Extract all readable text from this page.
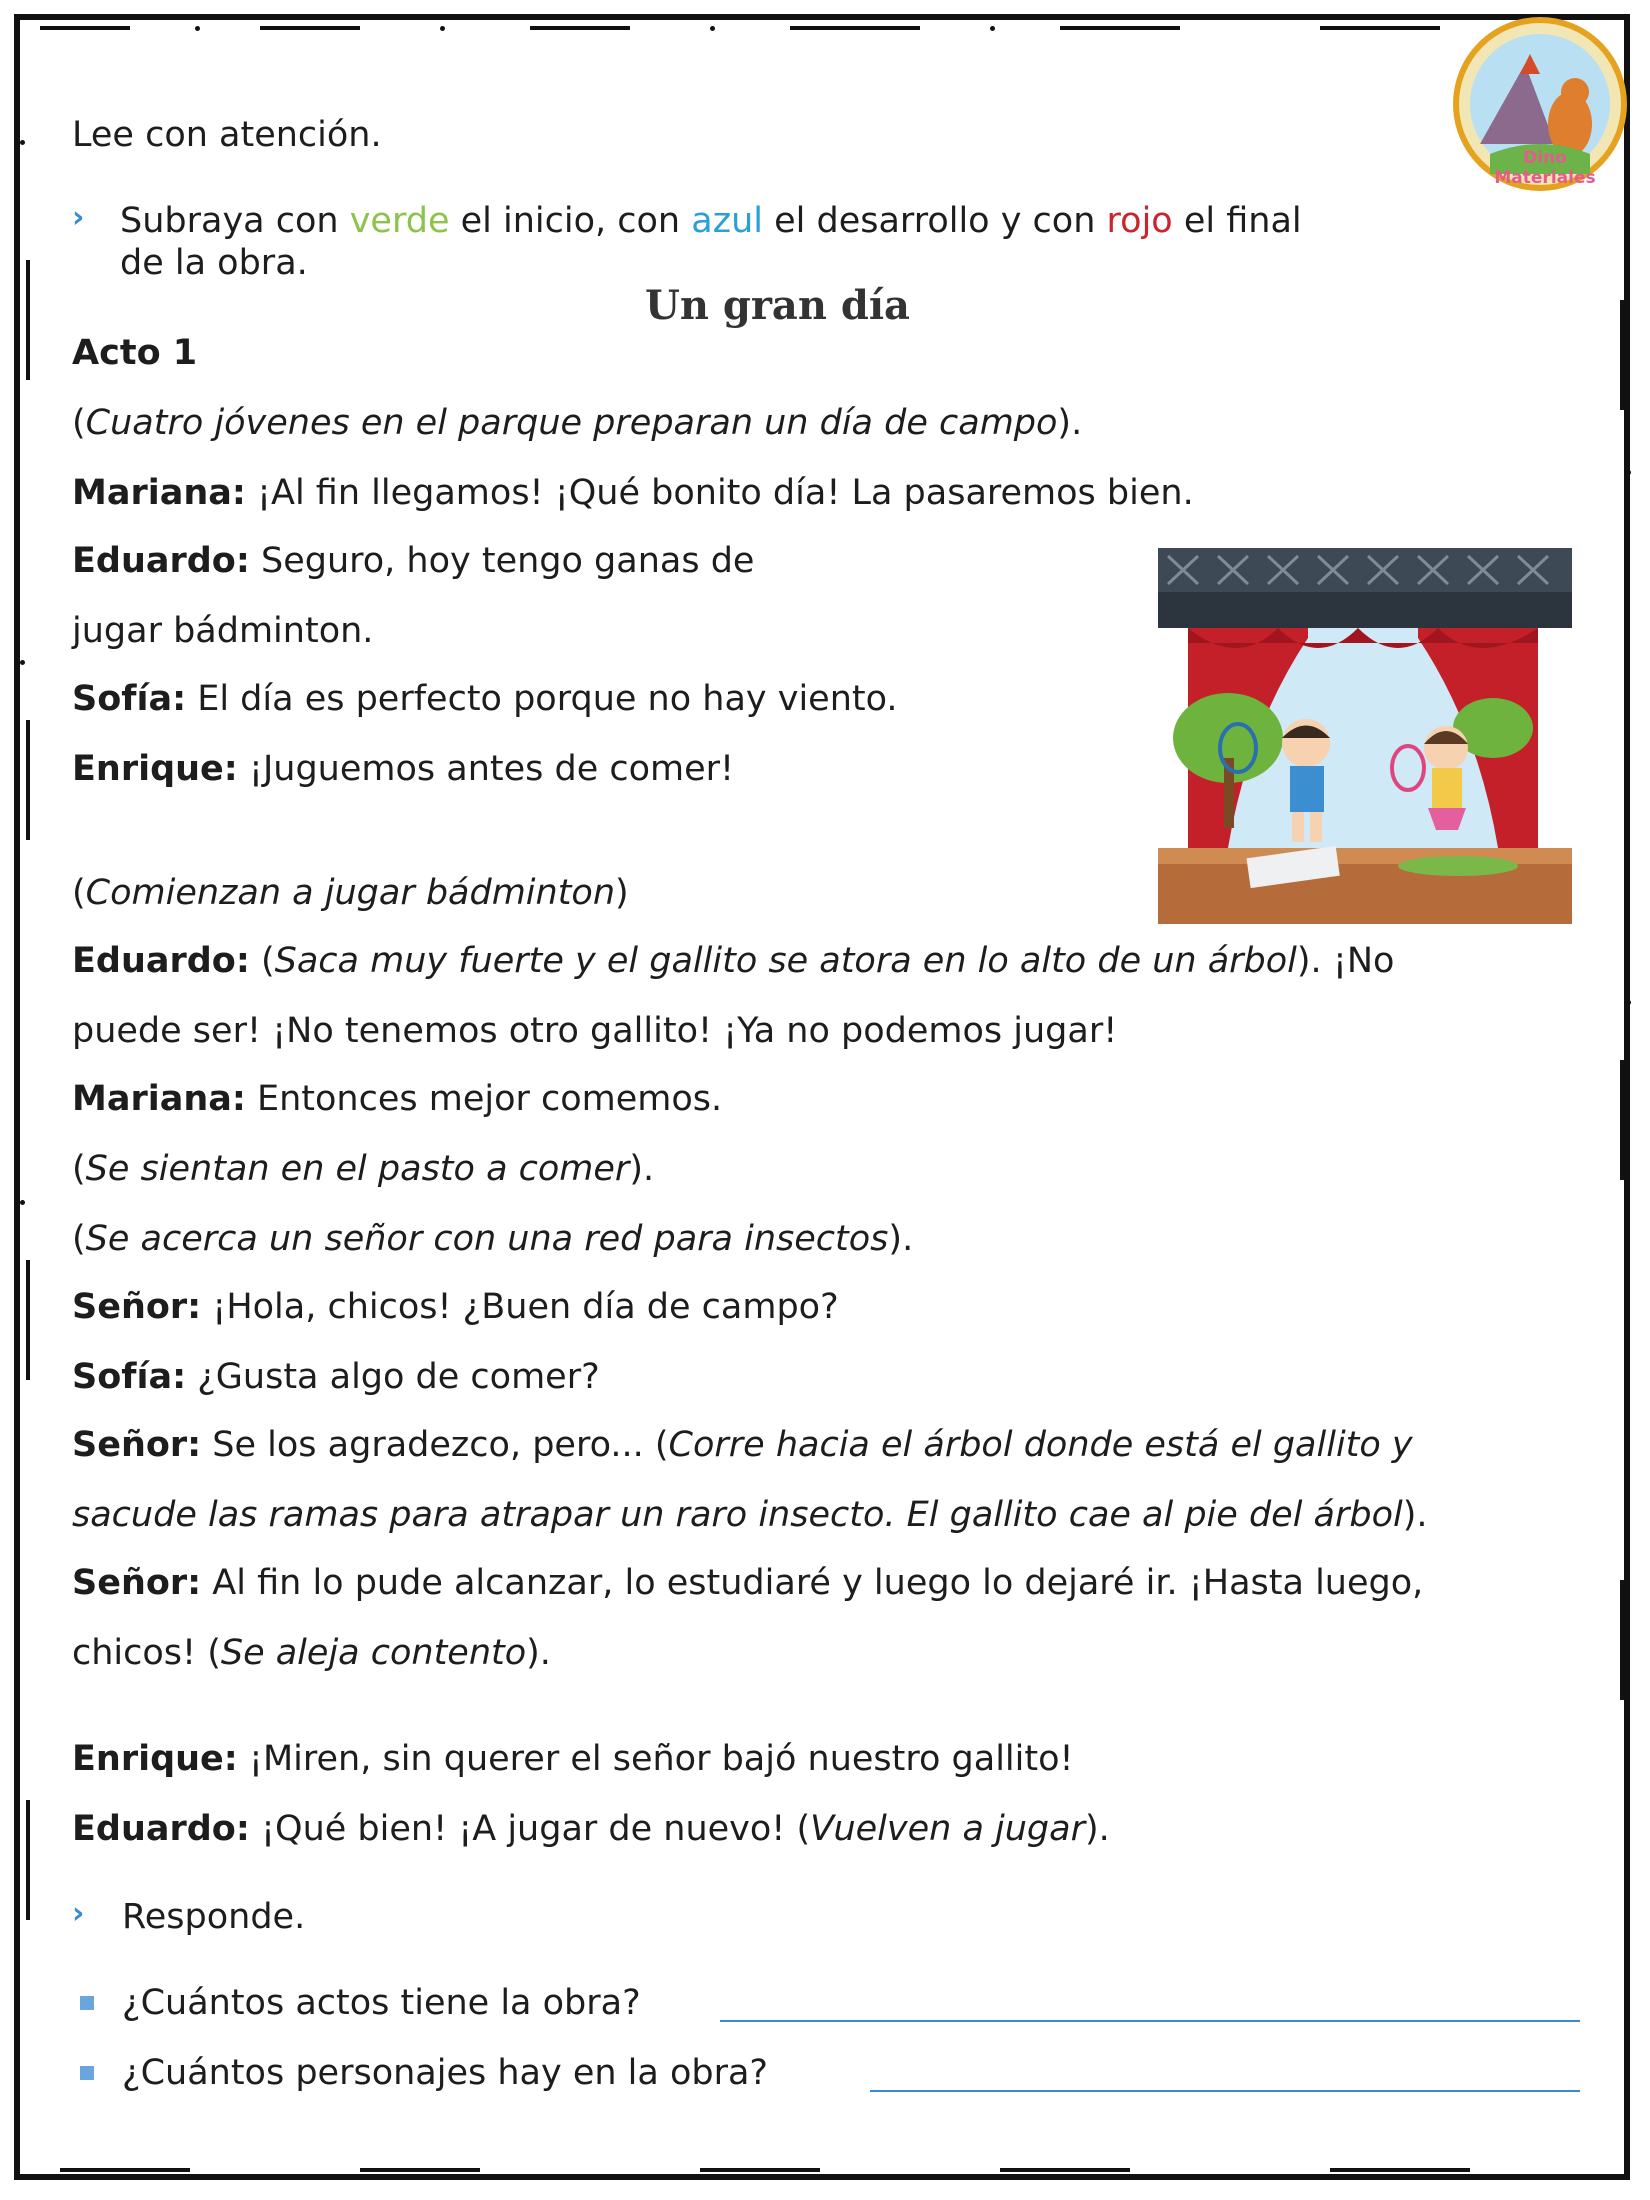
Dino Materiales
Lee con atención.
› Subraya con verde el inicio, con azul el desarrollo y con rojo el final
de la obra.
Un gran día
Acto 1
(Cuatro jóvenes en el parque preparan un día de campo).
Mariana: ¡Al fin llegamos! ¡Qué bonito día! La pasaremos bien.
Eduardo: Seguro, hoy tengo ganas de
jugar bádminton.
Sofía: El día es perfecto porque no hay viento.
Enrique: ¡Juguemos antes de comer!
(Comienzan a jugar bádminton)
Eduardo: (Saca muy fuerte y el gallito se atora en lo alto de un árbol). ¡No
puede ser! ¡No tenemos otro gallito! ¡Ya no podemos jugar!
Mariana: Entonces mejor comemos.
(Se sientan en el pasto a comer).
(Se acerca un señor con una red para insectos).
Señor: ¡Hola, chicos! ¿Buen día de campo?
Sofía: ¿Gusta algo de comer?
Señor: Se los agradezco, pero... (Corre hacia el árbol donde está el gallito y
sacude las ramas para atrapar un raro insecto. El gallito cae al pie del árbol).
Señor: Al fin lo pude alcanzar, lo estudiaré y luego lo dejaré ir. ¡Hasta luego,
chicos! (Se aleja contento).
Enrique: ¡Miren, sin querer el señor bajó nuestro gallito!
Eduardo: ¡Qué bien! ¡A jugar de nuevo! (Vuelven a jugar).
› Responde.
¿Cuántos actos tiene la obra?
¿Cuántos personajes hay en la obra?
